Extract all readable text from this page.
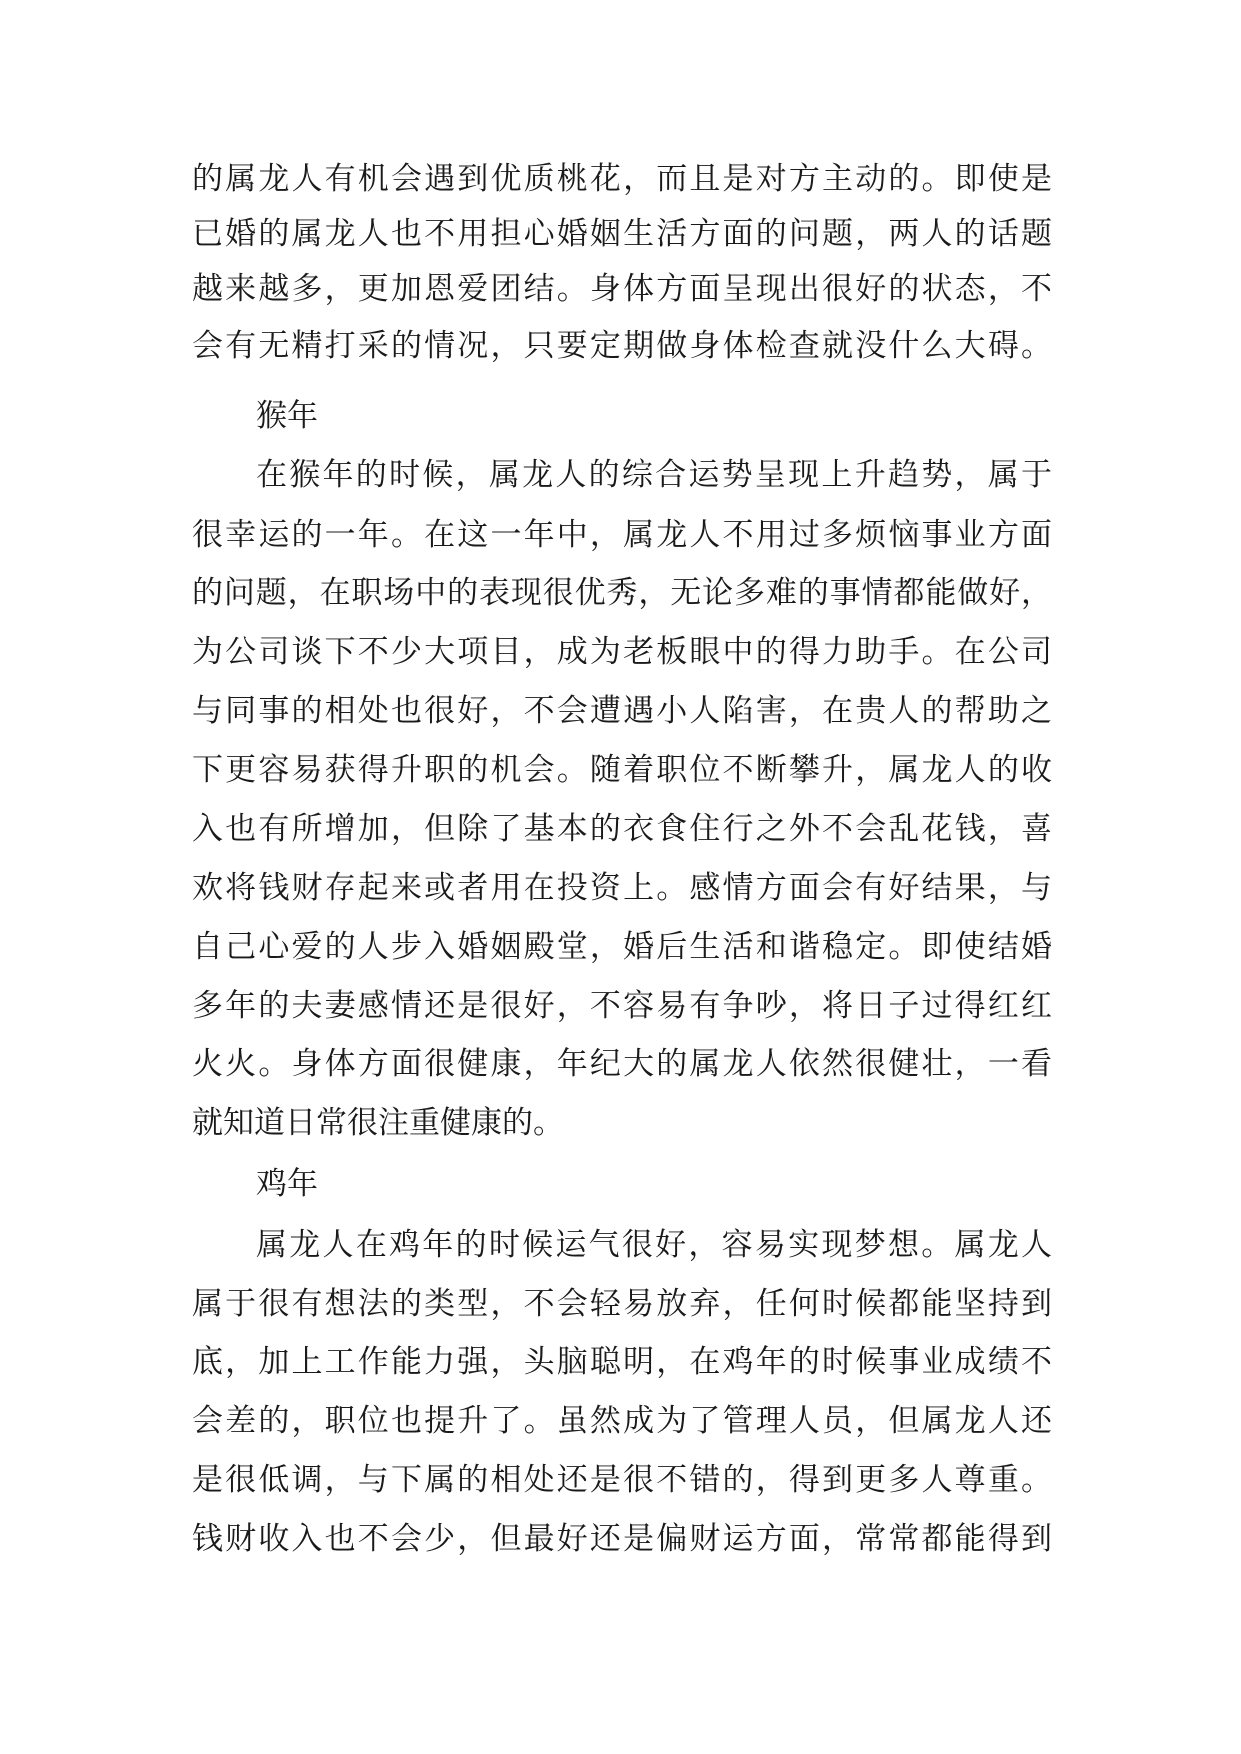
的属龙人有机会遇到优质桃花，而且是对方主动的。即使是
已婚的属龙人也不用担心婚姻生活方面的问题，两人的话题
越来越多，更加恩爱团结。身体方面呈现出很好的状态，不
会有无精打采的情况，只要定期做身体检查就没什么大碍。
猴年
在猴年的时候，属龙人的综合运势呈现上升趋势，属于
很幸运的一年。在这一年中，属龙人不用过多烦恼事业方面
的问题，在职场中的表现很优秀，无论多难的事情都能做好，
为公司谈下不少大项目，成为老板眼中的得力助手。在公司
与同事的相处也很好，不会遭遇小人陷害，在贵人的帮助之
下更容易获得升职的机会。随着职位不断攀升，属龙人的收
入也有所增加，但除了基本的衣食住行之外不会乱花钱，喜
欢将钱财存起来或者用在投资上。感情方面会有好结果，与
自己心爱的人步入婚姻殿堂，婚后生活和谐稳定。即使结婚
多年的夫妻感情还是很好，不容易有争吵，将日子过得红红
火火。身体方面很健康，年纪大的属龙人依然很健壮，一看
就知道日常很注重健康的。
鸡年
属龙人在鸡年的时候运气很好，容易实现梦想。属龙人
属于很有想法的类型，不会轻易放弃，任何时候都能坚持到
底，加上工作能力强，头脑聪明，在鸡年的时候事业成绩不
会差的，职位也提升了。虽然成为了管理人员，但属龙人还
是很低调，与下属的相处还是很不错的，得到更多人尊重。
钱财收入也不会少，但最好还是偏财运方面，常常都能得到
